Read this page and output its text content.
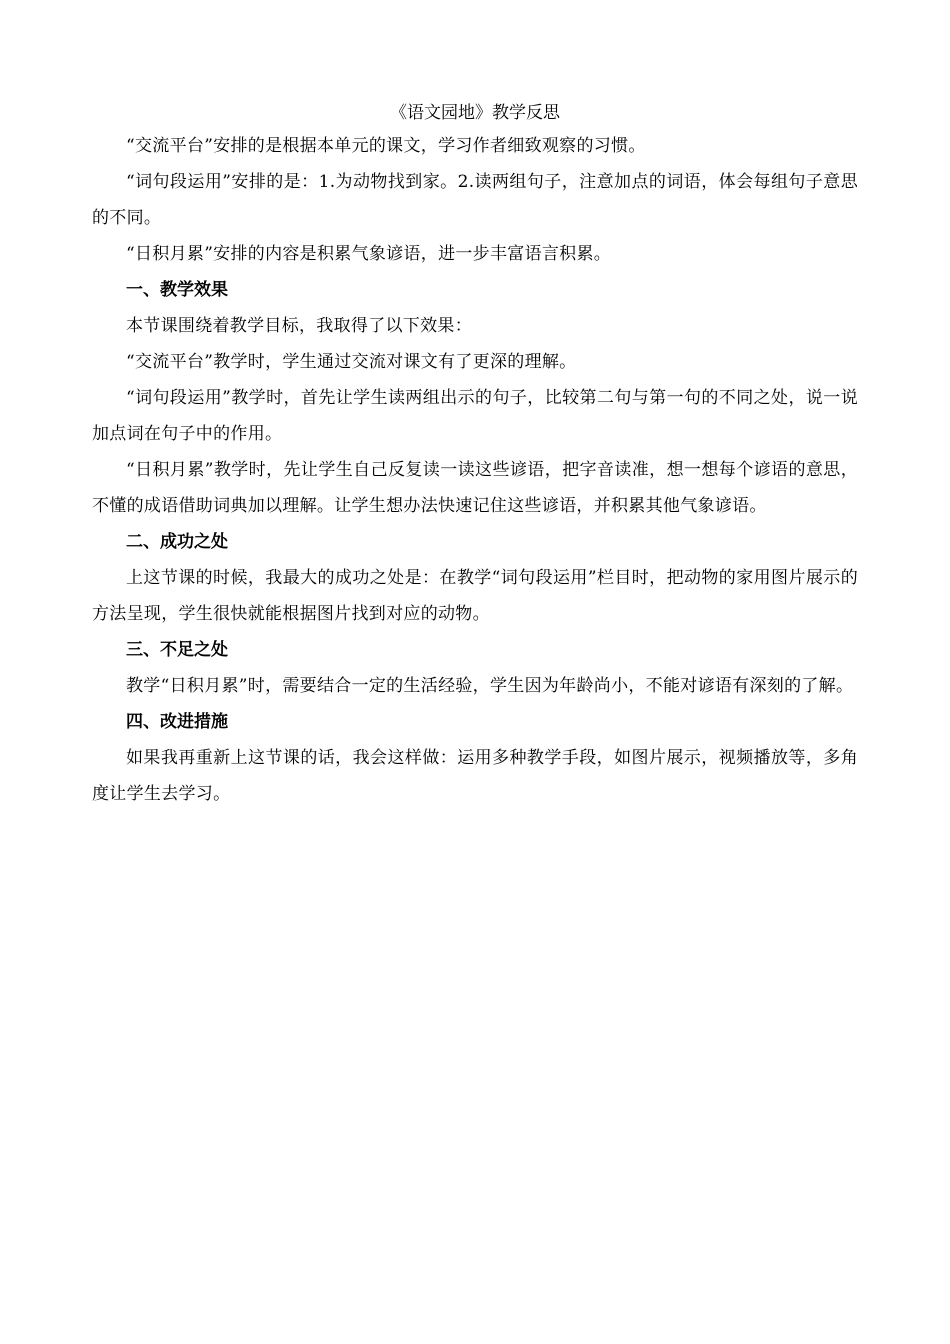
《语文园地》教学反思

“交流平台”安排的是根据本单元的课文，学习作者细致观察的习惯。

“词句段运用”安排的是：1.为动物找到家。2.读两组句子，注意加点的词语，体会每组句子意思的不同。

“日积月累”安排的内容是积累气象谚语，进一步丰富语言积累。

一、教学效果

本节课围绕着教学目标，我取得了以下效果：

“交流平台”教学时，学生通过交流对课文有了更深的理解。

“词句段运用”教学时，首先让学生读两组出示的句子，比较第二句与第一句的不同之处，说一说加点词在句子中的作用。

“日积月累”教学时，先让学生自己反复读一读这些谚语，把字音读准，想一想每个谚语的意思，不懂的成语借助词典加以理解。让学生想办法快速记住这些谚语，并积累其他气象谚语。

二、成功之处

上这节课的时候，我最大的成功之处是：在教学“词句段运用”栏目时，把动物的家用图片展示的方法呈现，学生很快就能根据图片找到对应的动物。

三、不足之处

教学“日积月累”时，需要结合一定的生活经验，学生因为年龄尚小，不能对谚语有深刻的了解。

四、改进措施

如果我再重新上这节课的话，我会这样做：运用多种教学手段，如图片展示，视频播放等，多角度让学生去学习。
